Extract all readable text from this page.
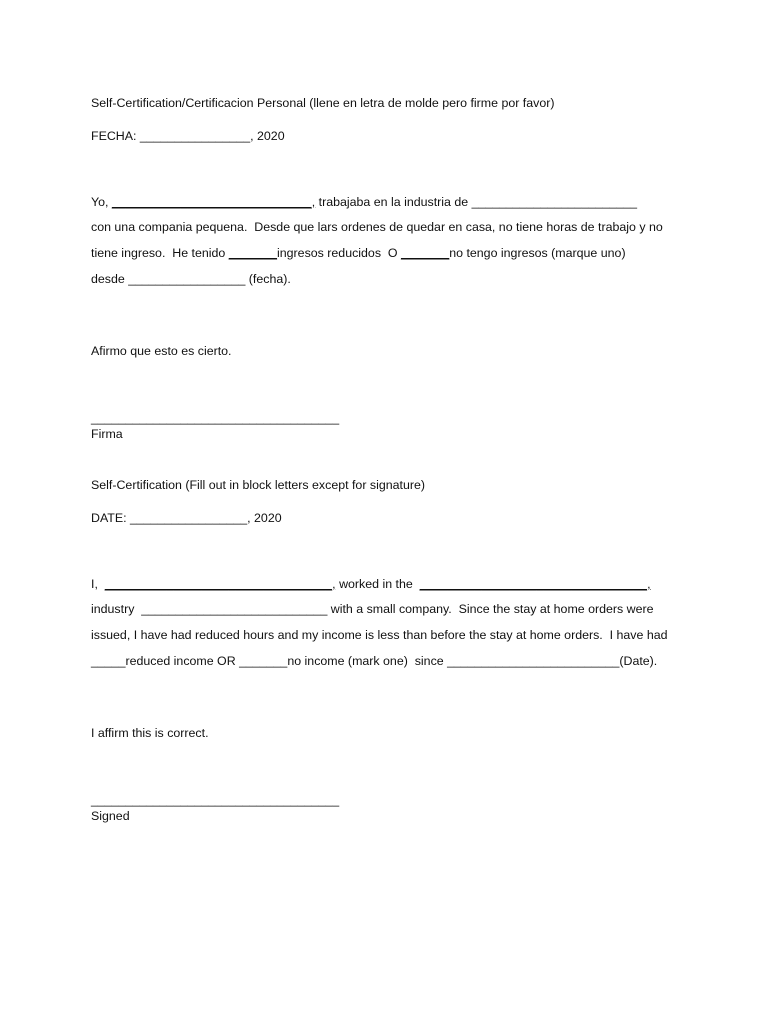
Self-Certification/Certificacion Personal (llene en letra de molde pero firme por favor)
FECHA: ________________, 2020
Yo, _____________________________, trabajaba en la industria de ________________________
con una compania pequena.  Desde que lars ordenes de quedar en casa, no tiene horas de trabajo y no
tiene ingreso.  He tenido _______ingresos reducidos  O _______no tengo ingresos (marque uno)
desde _________________ (fecha).
Afirmo que esto es cierto.
____________________________________
Firma
Self-Certification (Fill out in block letters except for signature)
DATE: _________________, 2020
I,  _________________________________, worked in the  _________________________________,
industry  ___________________________ with a small company.  Since the stay at home orders were
issued, I have had reduced hours and my income is less than before the stay at home orders.  I have had
_____reduced income OR _______no income (mark one)  since _________________________(Date).
I affirm this is correct.
____________________________________
Signed
